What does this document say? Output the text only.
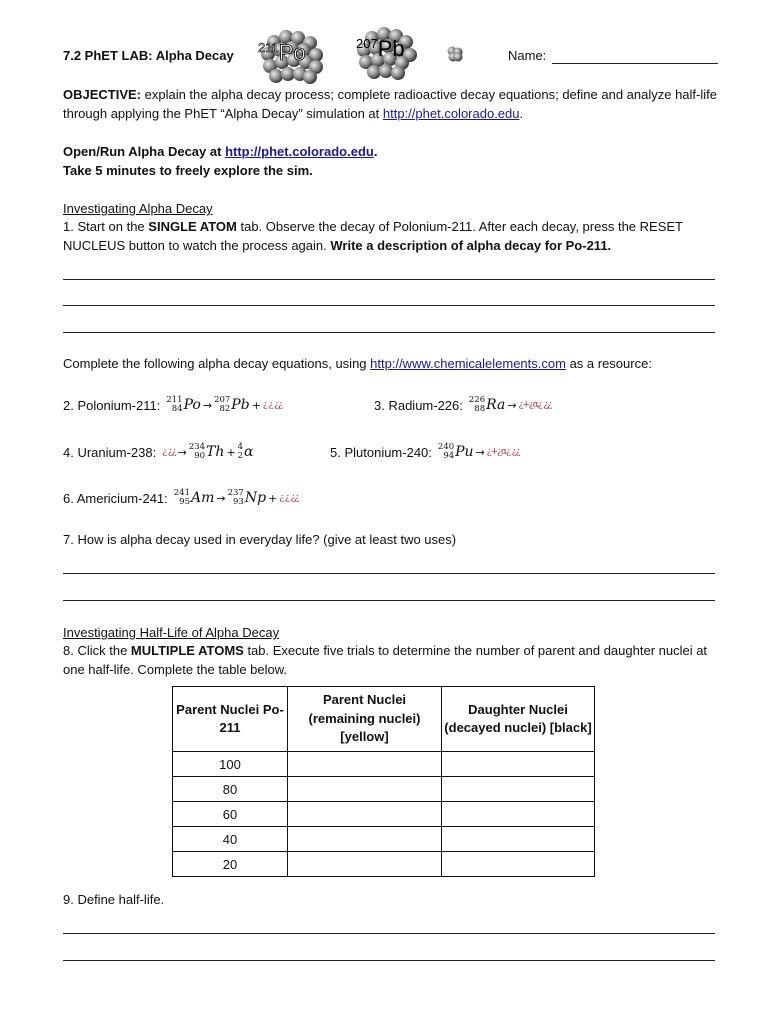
7.2 PhET LAB: Alpha Decay
$^{211}$Po	207Pb	Name:
OBJECTIVE: explain the alpha decay process; complete radioactive decay equations; define and analyze half-life through applying the PhET “Alpha Decay” simulation at http://phet.colorado.edu.
Open/Run Alpha Decay at http://phet.colorado.edu.
Take 5 minutes to freely explore the sim.
Investigating Alpha Decay
1. Start on the SINGLE ATOM tab. Observe the decay of Polonium-211. After each decay, press the RESET NUCLEUS button to watch the process again. Write a description of alpha decay for Po-211.
Complete the following alpha decay equations, using http://www.chemicalelements.com as a resource:
2. Polonium-211: 211
84 Po → 207
82 Pb + ¿ ¿ ¿¿	3. Radium-226: 226
88 Ra → ¿+¿α¿ ¿¿
4. Uranium-238: ¿ ¿¿ → 234
90 Th + 4
2 α	5. Plutonium-240: 240
94 Pu → ¿+¿α¿ ¿¿
6. Americium-241: 241
95 Am → 237
93 Np + ¿ ¿ ¿¿
7. How is alpha decay used in everyday life? (give at least two uses)
Investigating Half-Life of Alpha Decay
8. Click the MULTIPLE ATOMS tab. Execute five trials to determine the number of parent and daughter nuclei at one half-life. Complete the table below.
Parent Nuclei Po-211	Parent Nuclei (remaining nuclei) [yellow]	Daughter Nuclei (decayed nuclei) [black]
100		
80		
60		
40		
20		
9. Define half-life.
